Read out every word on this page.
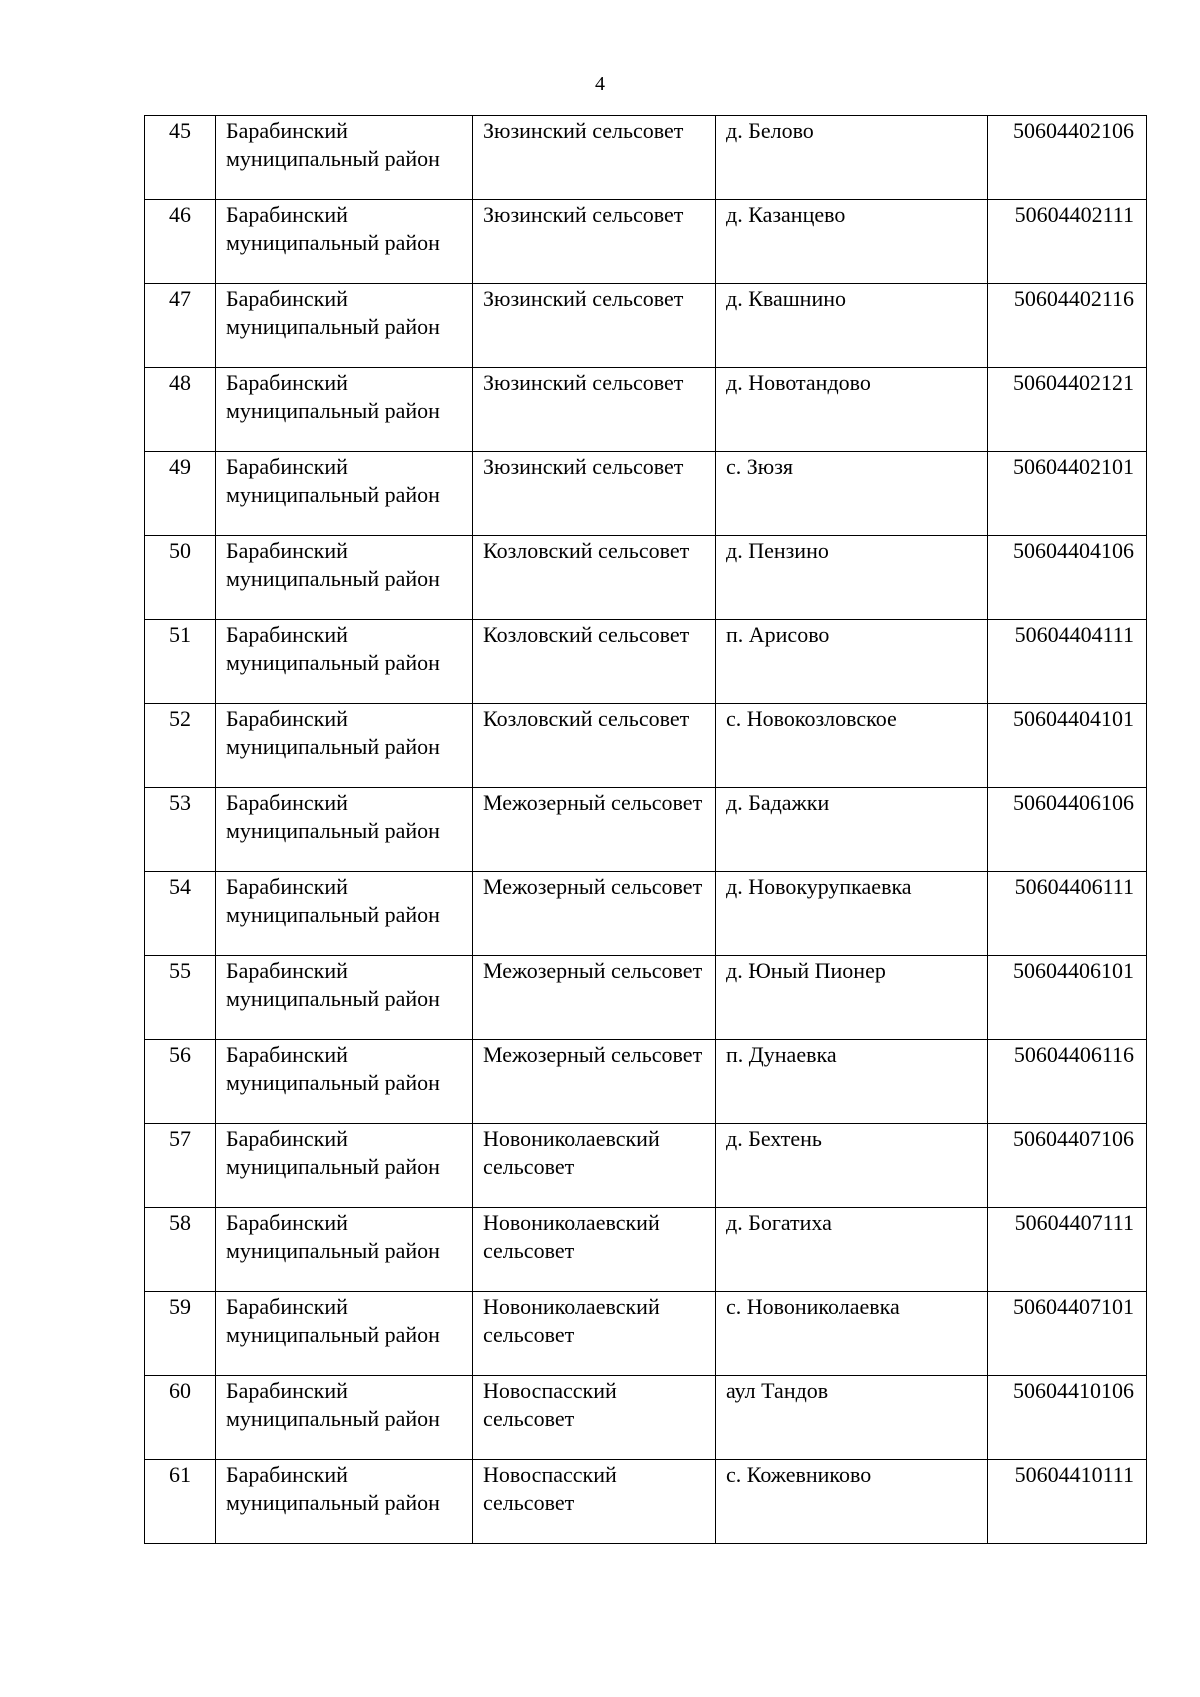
4
45	Барабинский муниципальный район	Зюзинский сельсовет	д. Белово	50604402106
46	Барабинский муниципальный район	Зюзинский сельсовет	д. Казанцево	50604402111
47	Барабинский муниципальный район	Зюзинский сельсовет	д. Квашнино	50604402116
48	Барабинский муниципальный район	Зюзинский сельсовет	д. Новотандово	50604402121
49	Барабинский муниципальный район	Зюзинский сельсовет	с. Зюзя	50604402101
50	Барабинский муниципальный район	Козловский сельсовет	д. Пензино	50604404106
51	Барабинский муниципальный район	Козловский сельсовет	п. Арисово	50604404111
52	Барабинский муниципальный район	Козловский сельсовет	с. Новокозловское	50604404101
53	Барабинский муниципальный район	Межозерный сельсовет	д. Бадажки	50604406106
54	Барабинский муниципальный район	Межозерный сельсовет	д. Новокурупкаевка	50604406111
55	Барабинский муниципальный район	Межозерный сельсовет	д. Юный Пионер	50604406101
56	Барабинский муниципальный район	Межозерный сельсовет	п. Дунаевка	50604406116
57	Барабинский муниципальный район	Новониколаевский сельсовет	д. Бехтень	50604407106
58	Барабинский муниципальный район	Новониколаевский сельсовет	д. Богатиха	50604407111
59	Барабинский муниципальный район	Новониколаевский сельсовет	с. Новониколаевка	50604407101
60	Барабинский муниципальный район	Новоспасский сельсовет	аул Тандов	50604410106
61	Барабинский муниципальный район	Новоспасский сельсовет	с. Кожевниково	50604410111
